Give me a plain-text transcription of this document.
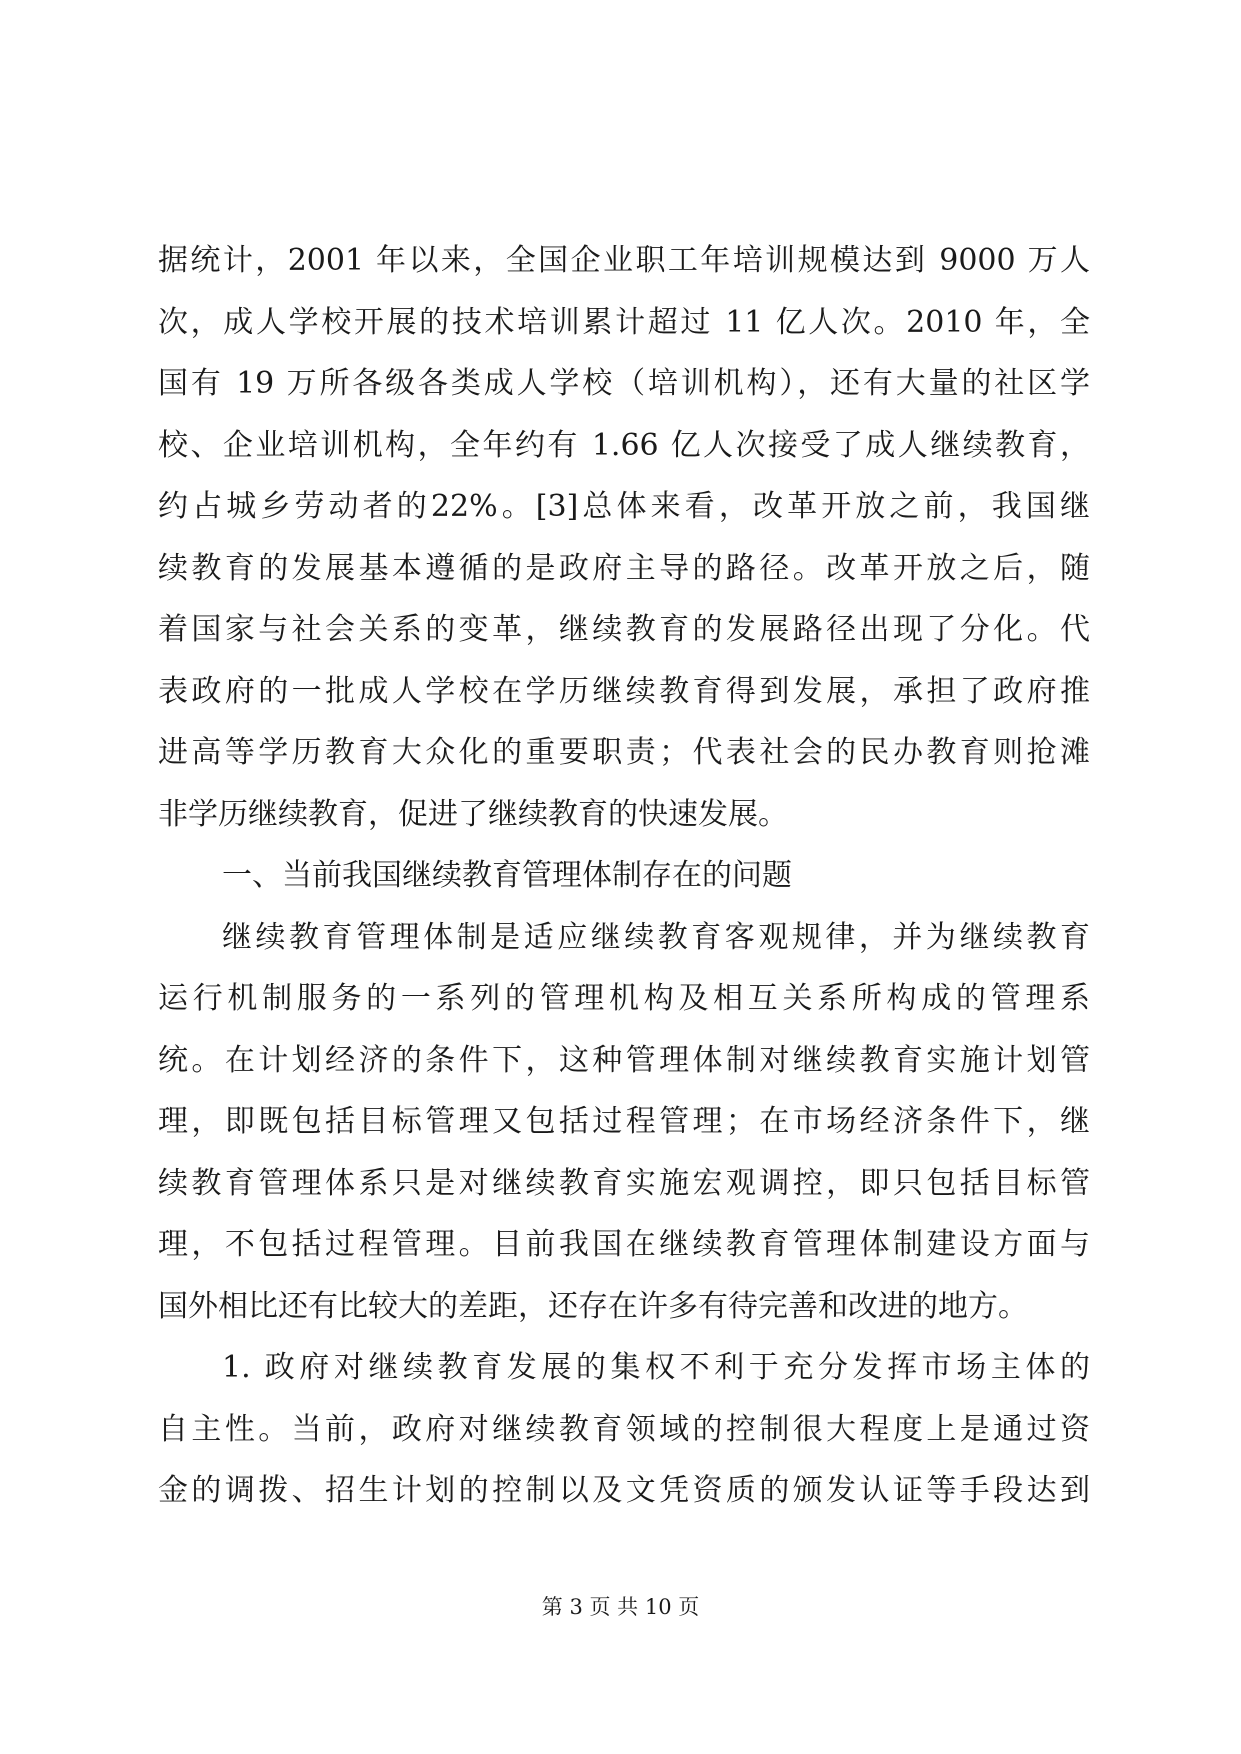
据统计，2001 年以来，全国企业职工年培训规模达到 9000 万人
次，成人学校开展的技术培训累计超过 11 亿人次。2010 年，全
国有 19 万所各级各类成人学校（培训机构），还有大量的社区学
校、企业培训机构，全年约有 1.66 亿人次接受了成人继续教育，
约占城乡劳动者的22%。[3]总体来看，改革开放之前，我国继
续教育的发展基本遵循的是政府主导的路径。改革开放之后，随
着国家与社会关系的变革，继续教育的发展路径出现了分化。代
表政府的一批成人学校在学历继续教育得到发展，承担了政府推
进高等学历教育大众化的重要职责；代表社会的民办教育则抢滩
非学历继续教育，促进了继续教育的快速发展。
一、当前我国继续教育管理体制存在的问题
继续教育管理体制是适应继续教育客观规律，并为继续教育
运行机制服务的一系列的管理机构及相互关系所构成的管理系
统。在计划经济的条件下，这种管理体制对继续教育实施计划管
理，即既包括目标管理又包括过程管理；在市场经济条件下，继
续教育管理体系只是对继续教育实施宏观调控，即只包括目标管
理，不包括过程管理。目前我国在继续教育管理体制建设方面与
国外相比还有比较大的差距，还存在许多有待完善和改进的地方。
1. 政府对继续教育发展的集权不利于充分发挥市场主体的
自主性。当前，政府对继续教育领域的控制很大程度上是通过资
金的调拨、招生计划的控制以及文凭资质的颁发认证等手段达到
第 3 页 共 10 页
